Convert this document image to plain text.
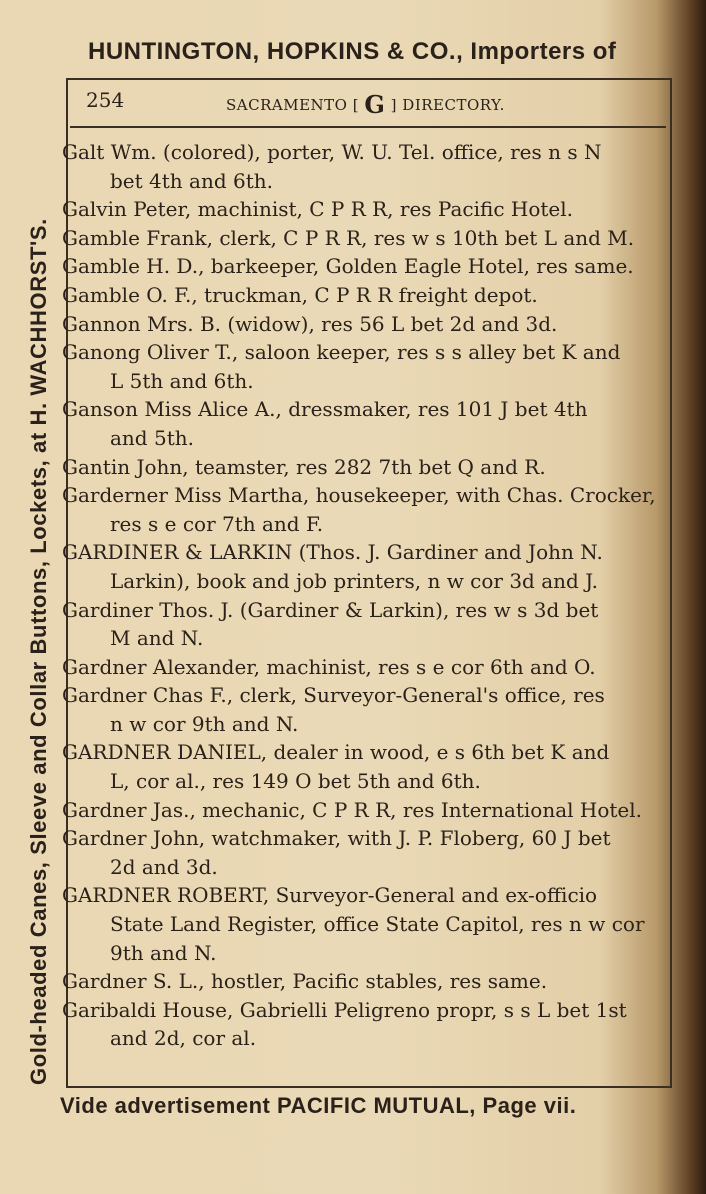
HUNTINGTON, HOPKINS & CO., Importers of
Gold-headed Canes, Sleeve and Collar Buttons, Lockets, at H. WACHHORST'S.
254	SACRAMENTO [ G ] DIRECTORY.
Galt Wm. (colored), porter, W. U. Tel. office, res n s N
bet 4th and 6th.
Galvin Peter, machinist, C P R R, res Pacific Hotel.
Gamble Frank, clerk, C P R R, res w s 10th bet L and M.
Gamble H. D., barkeeper, Golden Eagle Hotel, res same.
Gamble O. F., truckman, C P R R freight depot.
Gannon Mrs. B. (widow), res 56 L bet 2d and 3d.
Ganong Oliver T., saloon keeper, res s s alley bet K and
L 5th and 6th.
Ganson Miss Alice A., dressmaker, res 101 J bet 4th
and 5th.
Gantin John, teamster, res 282 7th bet Q and R.
Garderner Miss Martha, housekeeper, with Chas. Crocker,
res s e cor 7th and F.
GARDINER & LARKIN (Thos. J. Gardiner and John N.
Larkin), book and job printers, n w cor 3d and J.
Gardiner Thos. J. (Gardiner & Larkin), res w s 3d bet
M and N.
Gardner Alexander, machinist, res s e cor 6th and O.
Gardner Chas F., clerk, Surveyor-General's office, res
n w cor 9th and N.
GARDNER DANIEL, dealer in wood, e s 6th bet K and
L, cor al., res 149 O bet 5th and 6th.
Gardner Jas., mechanic, C P R R, res International Hotel.
Gardner John, watchmaker, with J. P. Floberg, 60 J bet
2d and 3d.
GARDNER ROBERT, Surveyor-General and ex-officio
State Land Register, office State Capitol, res n w cor
9th and N.
Gardner S. L., hostler, Pacific stables, res same.
Garibaldi House, Gabrielli Peligreno propr, s s L bet 1st
and 2d, cor al.
Vide advertisement PACIFIC MUTUAL, Page vii.
